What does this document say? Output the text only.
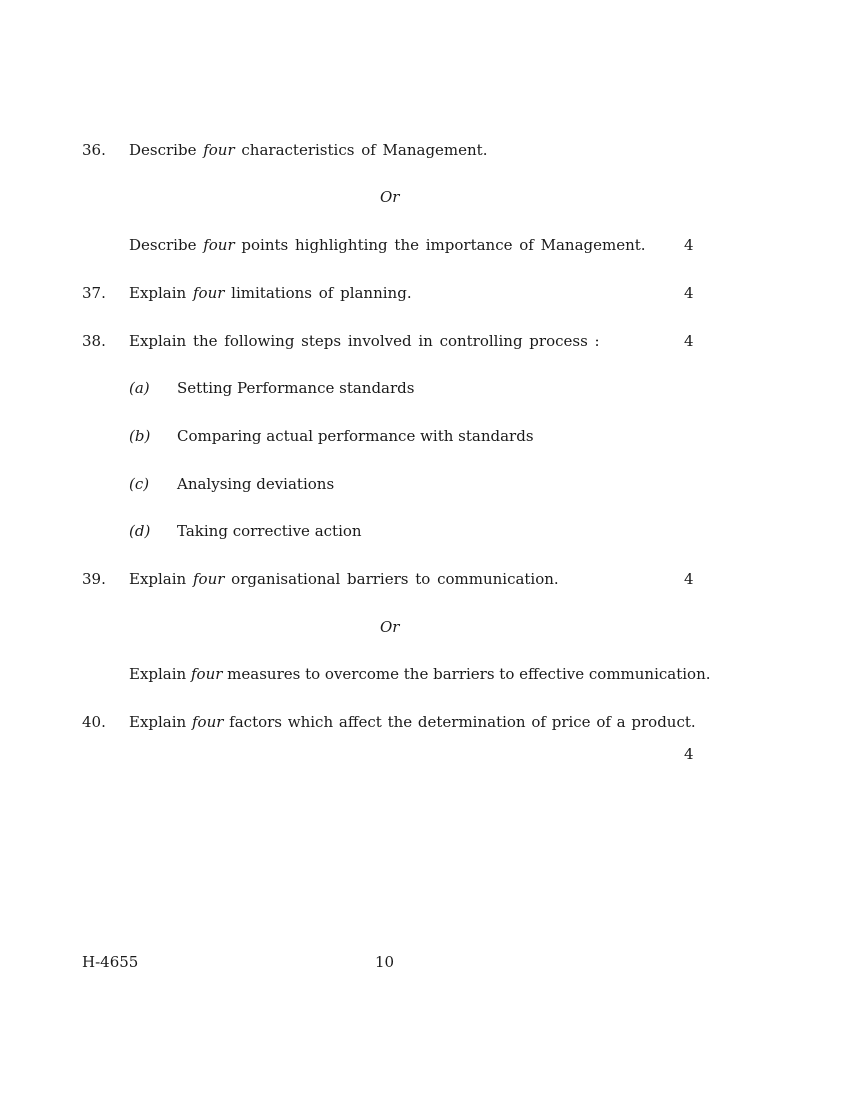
36. Describe four characteristics of Management.
Or
Describe four points highlighting the importance of Management.	4
37. Explain four limitations of planning.	4
38. Explain the following steps involved in controlling process :	4
(a) Setting Performance standards
(b) Comparing actual performance with standards
(c) Analysing deviations
(d) Taking corrective action
39. Explain four organisational barriers to communication.	4
Or
Explain four measures to overcome the barriers to effective communication.
40. Explain four factors which affect the determination of price of a product.
4
H-4655	10
